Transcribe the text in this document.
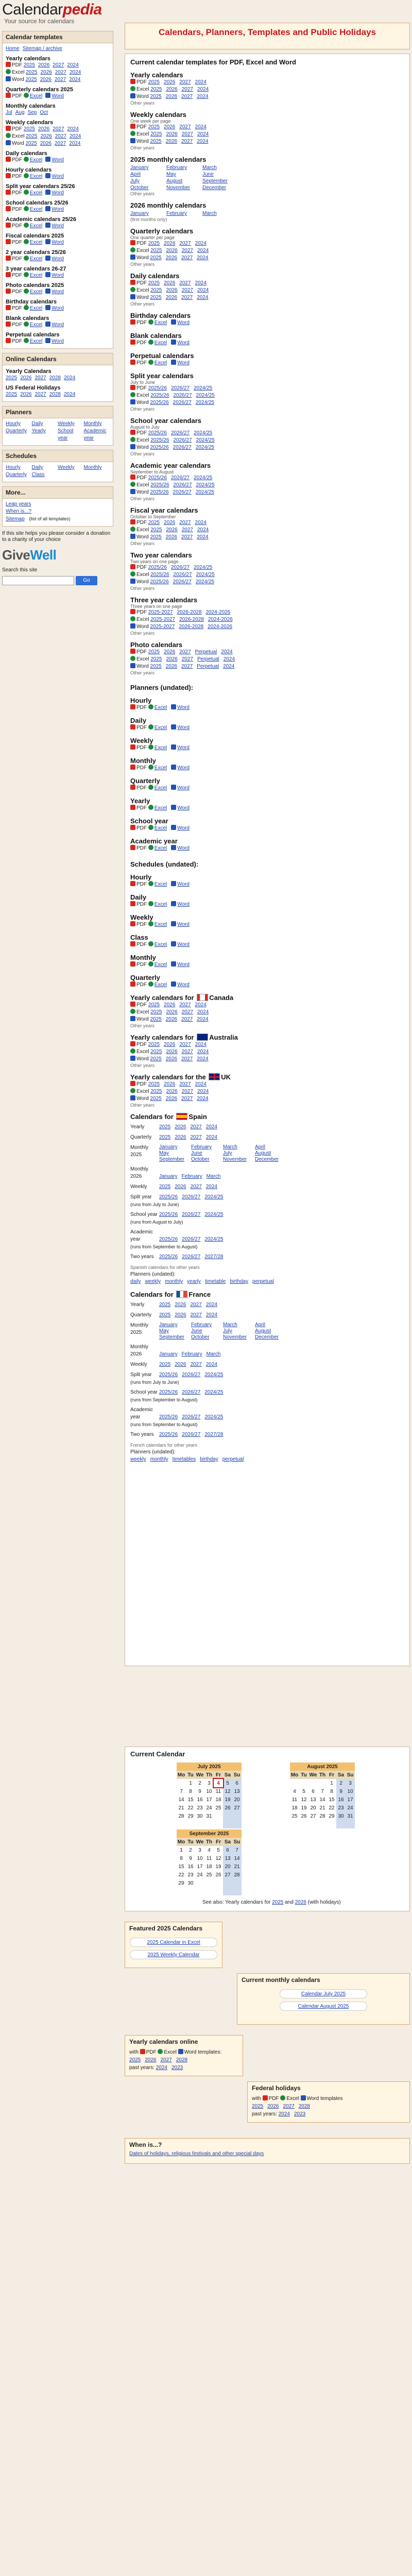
Calendarpedia
Your source for calendars
Calendar templates
Home Sitemap / archive
Yearly calendars
PDF 2025 2026 2027 2024
Excel 2025 2026 2027 2024
Word 2025 2026 2027 2024
Quarterly calendars 2025
PDF Excel Word
Monthly calendars
Jul Aug Sep Oct
Weekly calendars
PDF 2025 2026 2027 2024
Excel 2025 2026 2027 2024
Word 2025 2026 2027 2024
Daily calendars
PDF Excel Word
Hourly calendars
PDF Excel Word
Split year calendars 25/26
PDF Excel Word
School calendars 25/26
PDF Excel Word
Academic calendars 25/26
PDF Excel Word
Fiscal calendars 2025
PDF Excel Word
2 year calendars 25/26
PDF Excel Word
3 year calendars 26-27
PDF Excel Word
Photo calendars 2025
PDF Excel Word
Birthday calendars
PDF Excel Word
Blank calendars
PDF Excel Word
Perpetual calendars
PDF Excel Word
Online Calendars
Yearly Calendars
2025 2026 2027 2028 2024
US Federal Holidays
2025 2026 2027 2028 2024
Planners
Hourly	Daily	Weekly	Monthly
Quarterly Yearly	School year
Academic year
Schedules
Hourly	Daily	Weekly	Monthly
Quarterly Class
More...
Leap years
When is...?
Sitemap (list of all templates)
If this site helps you please consider a donation to a charity of your choice
GiveWell
Search this site
Go
Calendars, Planners, Templates and Public Holidays
Current calendar templates for PDF, Excel and Word
Yearly calendars
PDF 2025 2026 2027 2024
Excel 2025 2026 2027 2024
Word 2025 2026 2027 2024
Other years
Weekly calendars
One week per page
PDF 2025 2026 2027 2024
Excel 2025 2026 2027 2024
Word 2025 2026 2027 2024
Other years
2025 monthly calendars
January	February	March
April	May	June
July	August	September
October	November	December
Other years
2026 monthly calendars
January	February	March
(first months only)
Quarterly calendars
One quarter per page
PDF 2025 2026 2027 2024
Excel 2025 2026 2027 2024
Word 2025 2026 2027 2024
Other years
Daily calendars
PDF 2025 2026 2027 2024
Excel 2025 2026 2027 2024
Word 2025 2026 2027 2024
Other years
Birthday calendars
PDF Excel Word
Blank calendars
PDF Excel Word
Perpetual calendars
PDF Excel Word
Split year calendars
July to June
PDF 2025/26 2026/27 2024/25
Excel 2025/26 2026/27 2024/25
Word 2025/26 2026/27 2024/25
Other years
School year calendars
August to July
PDF 2025/26 2026/27 2024/25
Excel 2025/26 2026/27 2024/25
Word 2025/26 2026/27 2024/25
Other years
Academic year calendars
September to August
PDF 2025/26 2026/27 2024/25
Excel 2025/26 2026/27 2024/25
Word 2025/26 2026/27 2024/25
Other years
Fiscal year calendars
October to September
PDF 2025 2026 2027 2024
Excel 2025 2026 2027 2024
Word 2025 2026 2027 2024
Other years
Two year calendars
Two years on one page
PDF 2025/26 2026/27 2024/25
Excel 2025/26 2026/27 2024/25
Word 2025/26 2026/27 2024/25
Other years
Three year calendars
Three years on one page
PDF 2025-2027 2026-2028 2024-2026
Excel 2025-2027 2026-2028 2024-2026
Word 2025-2027 2026-2028 2024-2026
Other years
Photo calendars
PDF 2025 2026 2027 Perpetual 2024
Excel 2025 2026 2027 Perpetual 2024
Word 2025 2026 2027 Perpetual 2024
Other years
Planners (undated):
Hourly
PDF Excel Word
Daily
PDF Excel Word
Weekly
PDF Excel Word
Monthly
PDF Excel Word
Quarterly
PDF Excel Word
Yearly
PDF Excel Word
School year
PDF Excel Word
Academic year
PDF Excel Word
Schedules (undated):
Hourly
PDF Excel Word
Daily
PDF Excel Word
Weekly
PDF Excel Word
Class
PDF Excel Word
Monthly
PDF Excel Word
Quarterly
PDF Excel Word
Yearly calendars for Canada
PDF 2025 2026 2027 2024
Excel 2025 2026 2027 2024
Word 2025 2026 2027 2024
Other years
Yearly calendars for Australia
PDF 2025 2026 2027 2024
Excel 2025 2026 2027 2024
Word 2025 2026 2027 2024
Other years
Yearly calendars for the UK
PDF 2025 2026 2027 2024
Excel 2025 2026 2027 2024
Word 2025 2026 2027 2024
Other years
Calendars for Spain
Yearly	2025 2026 2027 2024
Quarterly 2025 2026 2027 2024
Monthly 2025
January	February	March	April
May	June	July	August
September	October	November	December
Monthly 2026	January February March
Weekly 2025 2026 2027 2024
Split year 2025/26 2026/27 2024/25
(runs from July to June)
School year 2025/26 2026/27 2024/25
(runs from August to July)
Academic year	2025/26 2026/27 2024/25
(runs from September to August)
Two years 2025/26 2026/27 2027/28
Spanish calendars for other years
Planners (undated):
daily weekly monthly yearly timetable birthday perpetual
Calendars for France
Yearly	2025 2026 2027 2024
Quarterly 2025 2026 2027 2024
Monthly 2025
January	February	March	April
May	June	July	August
September	October	November	December
Monthly 2026	January February March
Weekly 2025 2026 2027 2024
Split year 2025/26 2026/27 2024/25
(runs from July to June)
School year 2025/26 2026/27 2024/25
(runs from September to August)
Academic year	2025/26 2026/27 2024/25
(runs from September to August)
Two years 2025/26 2026/27 2027/28
French calendars for other years
Planners (undated):
weekly monthly timetables birthday perpetual
Current Calendar
July 2025						
Mo	Tu	We	Th	Fr	Sa	Su
	1	2	3	4	5	6
7	8	9	10	11	12	13
14	15	16	17	18	19	20
21	22	23	24	25	26	27
28	29	30	31			

August 2025						
Mo	Tu	We	Th	Fr	Sa	Su
				1	2	3
4	5	6	7	8	9	10
11	12	13	14	15	16	17
18	19	20	21	22	23	24
25	26	27	28	29	30	31

September 2025						
Mo	Tu	We	Th	Fr	Sa	Su
1	2	3	4	5	6	7
8	9	10	11	12	13	14
15	16	17	18	19	20	21
22	23	24	25	26	27	28
29	30					

See also: Yearly calendars for 2025 and 2026 (with holidays)
Featured 2025 Calendars
2025 Calendar in Excel
2025 Weekly Calendar
Current monthly calendars
Calendar July 2025
Calendar August 2025
Yearly calendars online
with PDF Excel Word templates:
2025 2026 2027 2028
past years: 2024 2023
Federal holidays
with PDF Excel Word templates
2025 2026 2027 2028
past years: 2024 2023
When is...?
Dates of holidays, religious festivals and other special days
